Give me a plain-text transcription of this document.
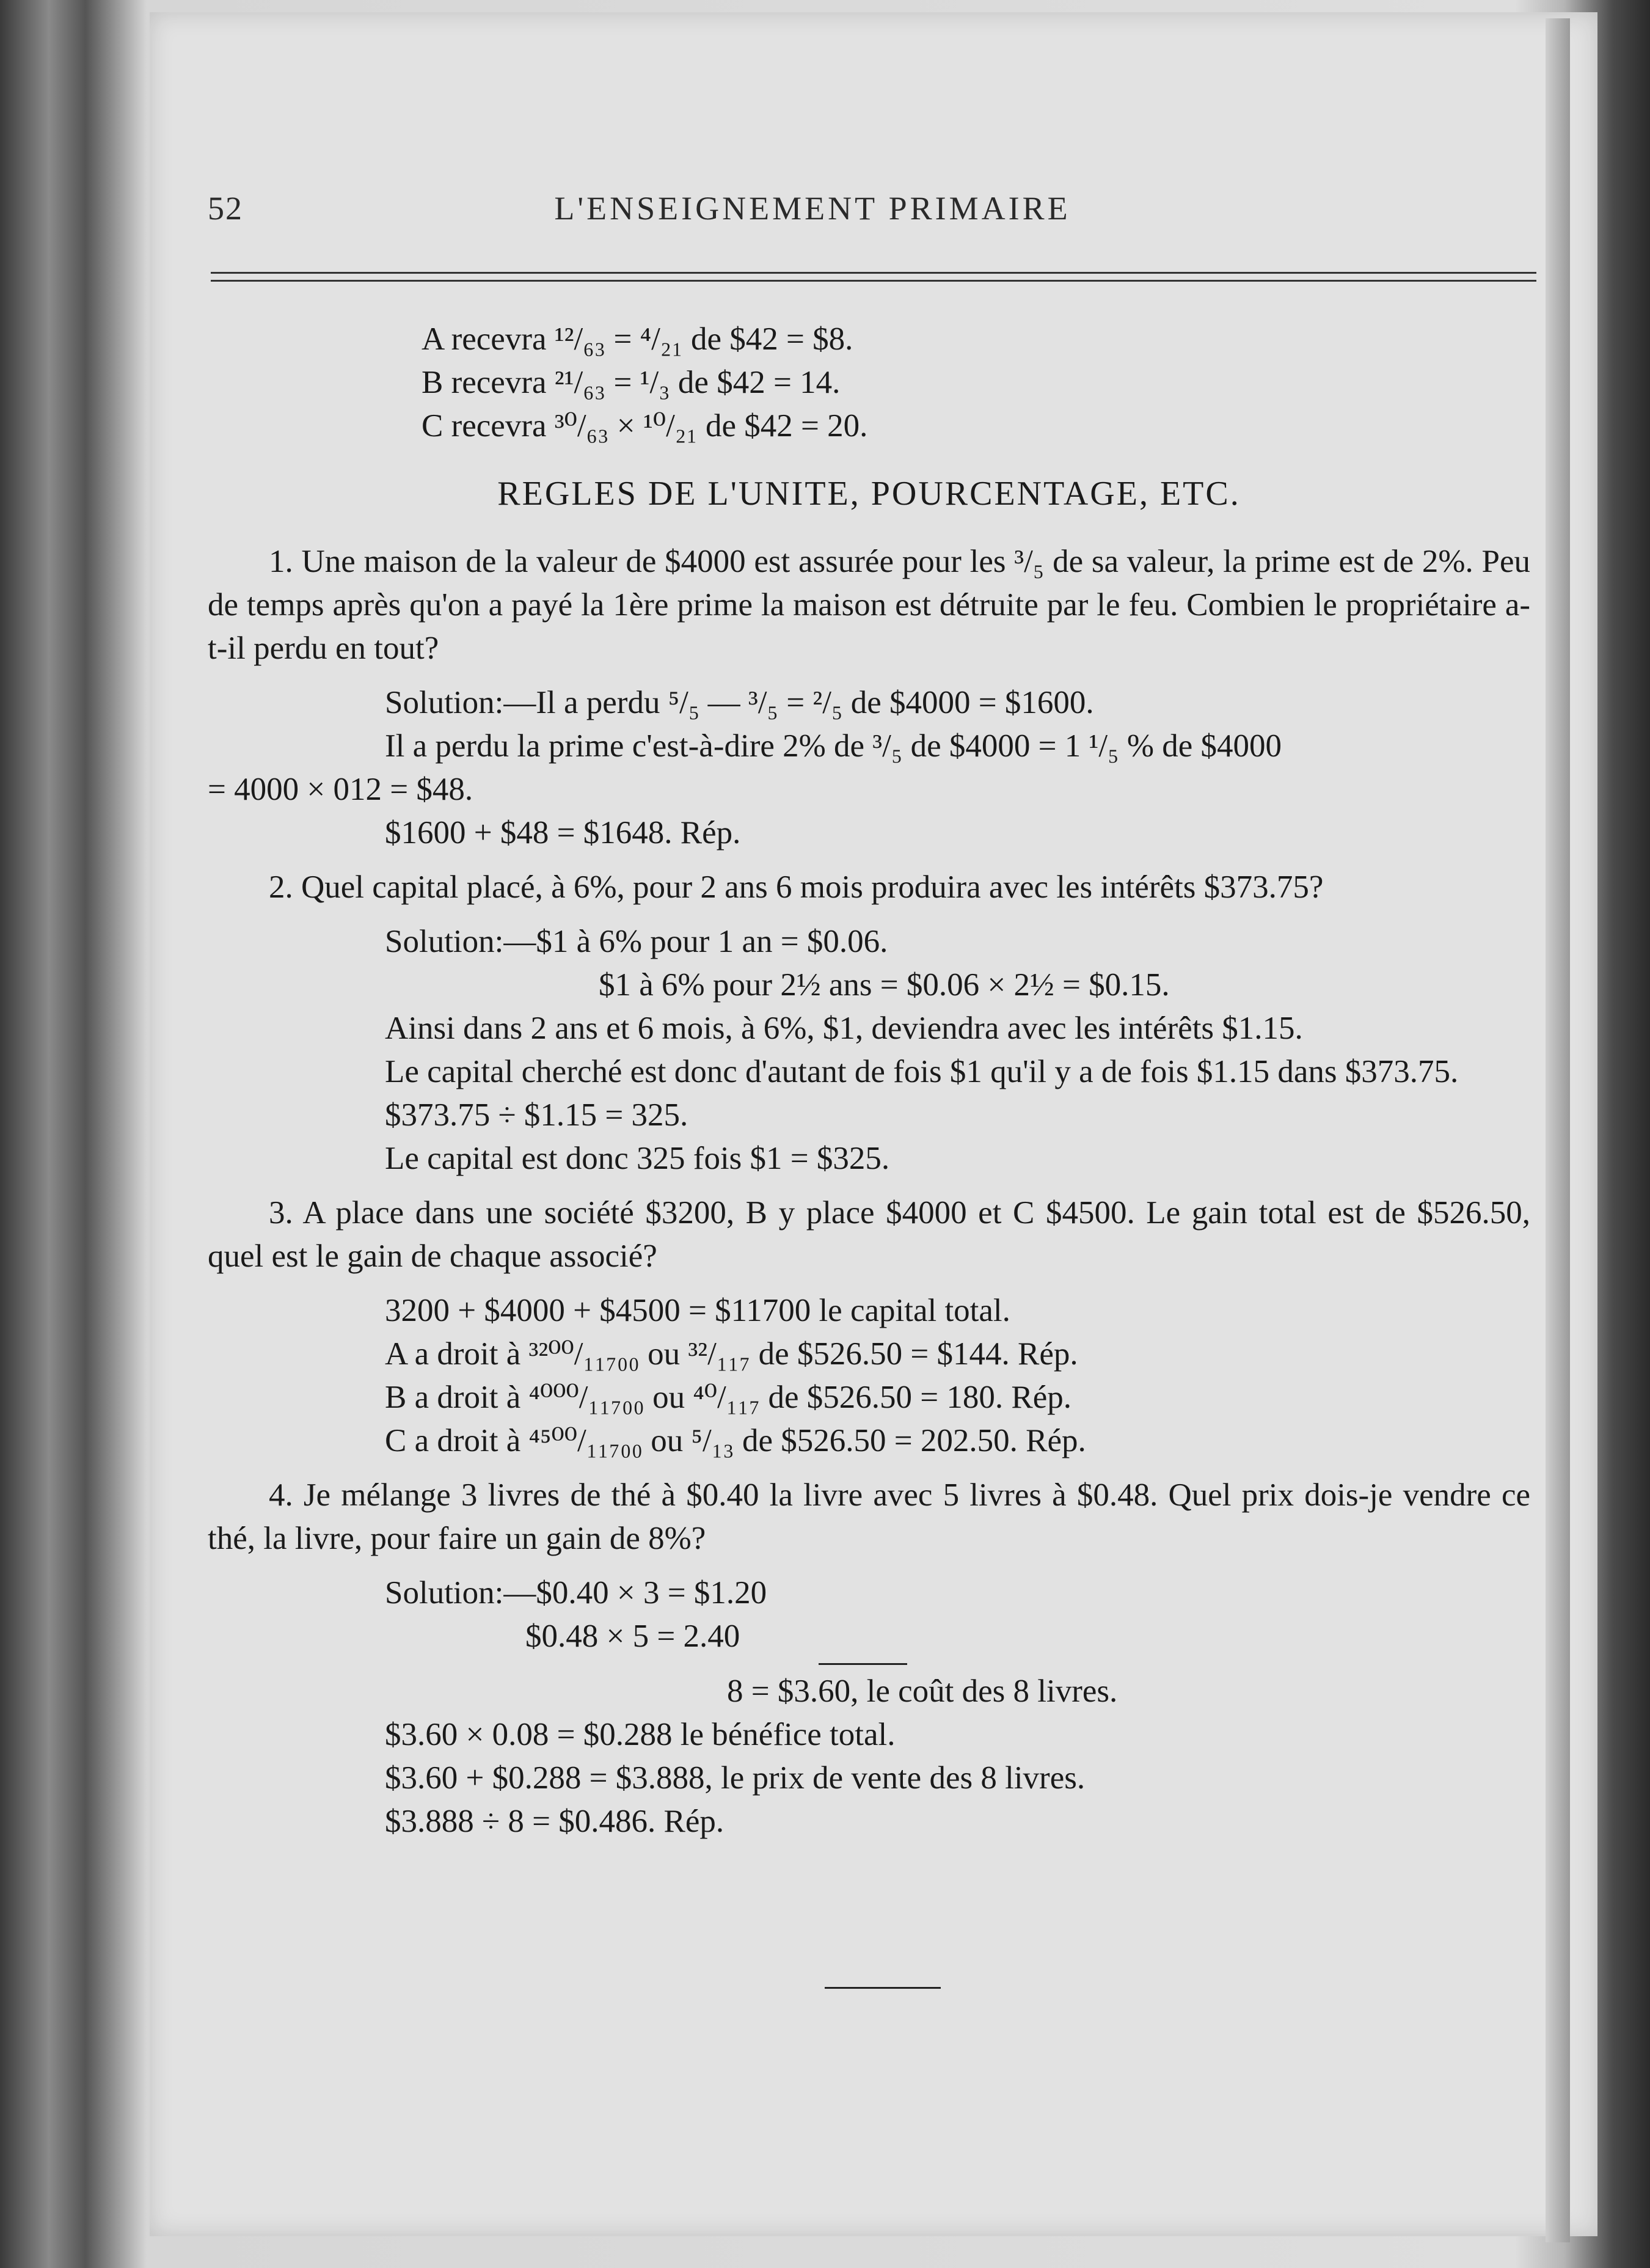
52	L'ENSEIGNEMENT PRIMAIRE
A recevra ¹²/₆₃ = ⁴/₂₁ de $42 = $8.
B recevra ²¹/₆₃ = ¹/₃ de $42 = 14.
C recevra ³⁰/₆₃ × ¹⁰/₂₁ de $42 = 20.
REGLES DE L'UNITE, POURCENTAGE, ETC.
1. Une maison de la valeur de $4000 est assurée pour les ³/₅ de sa valeur, la prime est de 2%. Peu de temps après qu'on a payé la 1ère prime la maison est détruite par le feu. Combien le propriétaire a-t-il perdu en tout?
Solution:—Il a perdu ⁵/₅ — ³/₅ = ²/₅ de $4000 = $1600.
Il a perdu la prime c'est-à-dire 2% de ³/₅ de $4000 = 1 ¹/₅ % de $4000
= 4000 × 012 = $48.
$1600 + $48 = $1648. Rép.
2. Quel capital placé, à 6%, pour 2 ans 6 mois produira avec les intérêts $373.75?
Solution:—$1 à 6% pour 1 an = $0.06.
$1 à 6% pour 2½ ans = $0.06 × 2½ = $0.15.
Ainsi dans 2 ans et 6 mois, à 6%, $1, deviendra avec les intérêts $1.15.
Le capital cherché est donc d'autant de fois $1 qu'il y a de fois $1.15 dans $373.75.
$373.75 ÷ $1.15 = 325.
Le capital est donc 325 fois $1 = $325.
3. A place dans une société $3200, B y place $4000 et C $4500. Le gain total est de $526.50, quel est le gain de chaque associé?
3200 + $4000 + $4500 = $11700 le capital total.
A a droit à ³²⁰⁰/₁₁₇₀₀ ou ³²/₁₁₇ de $526.50 = $144. Rép.
B a droit à ⁴⁰⁰⁰/₁₁₇₀₀ ou ⁴⁰/₁₁₇ de $526.50 = 180. Rép.
C a droit à ⁴⁵⁰⁰/₁₁₇₀₀ ou ⁵/₁₃ de $526.50 = 202.50. Rép.
4. Je mélange 3 livres de thé à $0.40 la livre avec 5 livres à $0.48. Quel prix dois-je vendre ce thé, la livre, pour faire un gain de 8%?
Solution:—$0.40 × 3 = $1.20
$0.48 × 5 = 2.40
8 = $3.60, le coût des 8 livres.
$3.60 × 0.08 = $0.288 le bénéfice total.
$3.60 + $0.288 = $3.888, le prix de vente des 8 livres.
$3.888 ÷ 8 = $0.486. Rép.
